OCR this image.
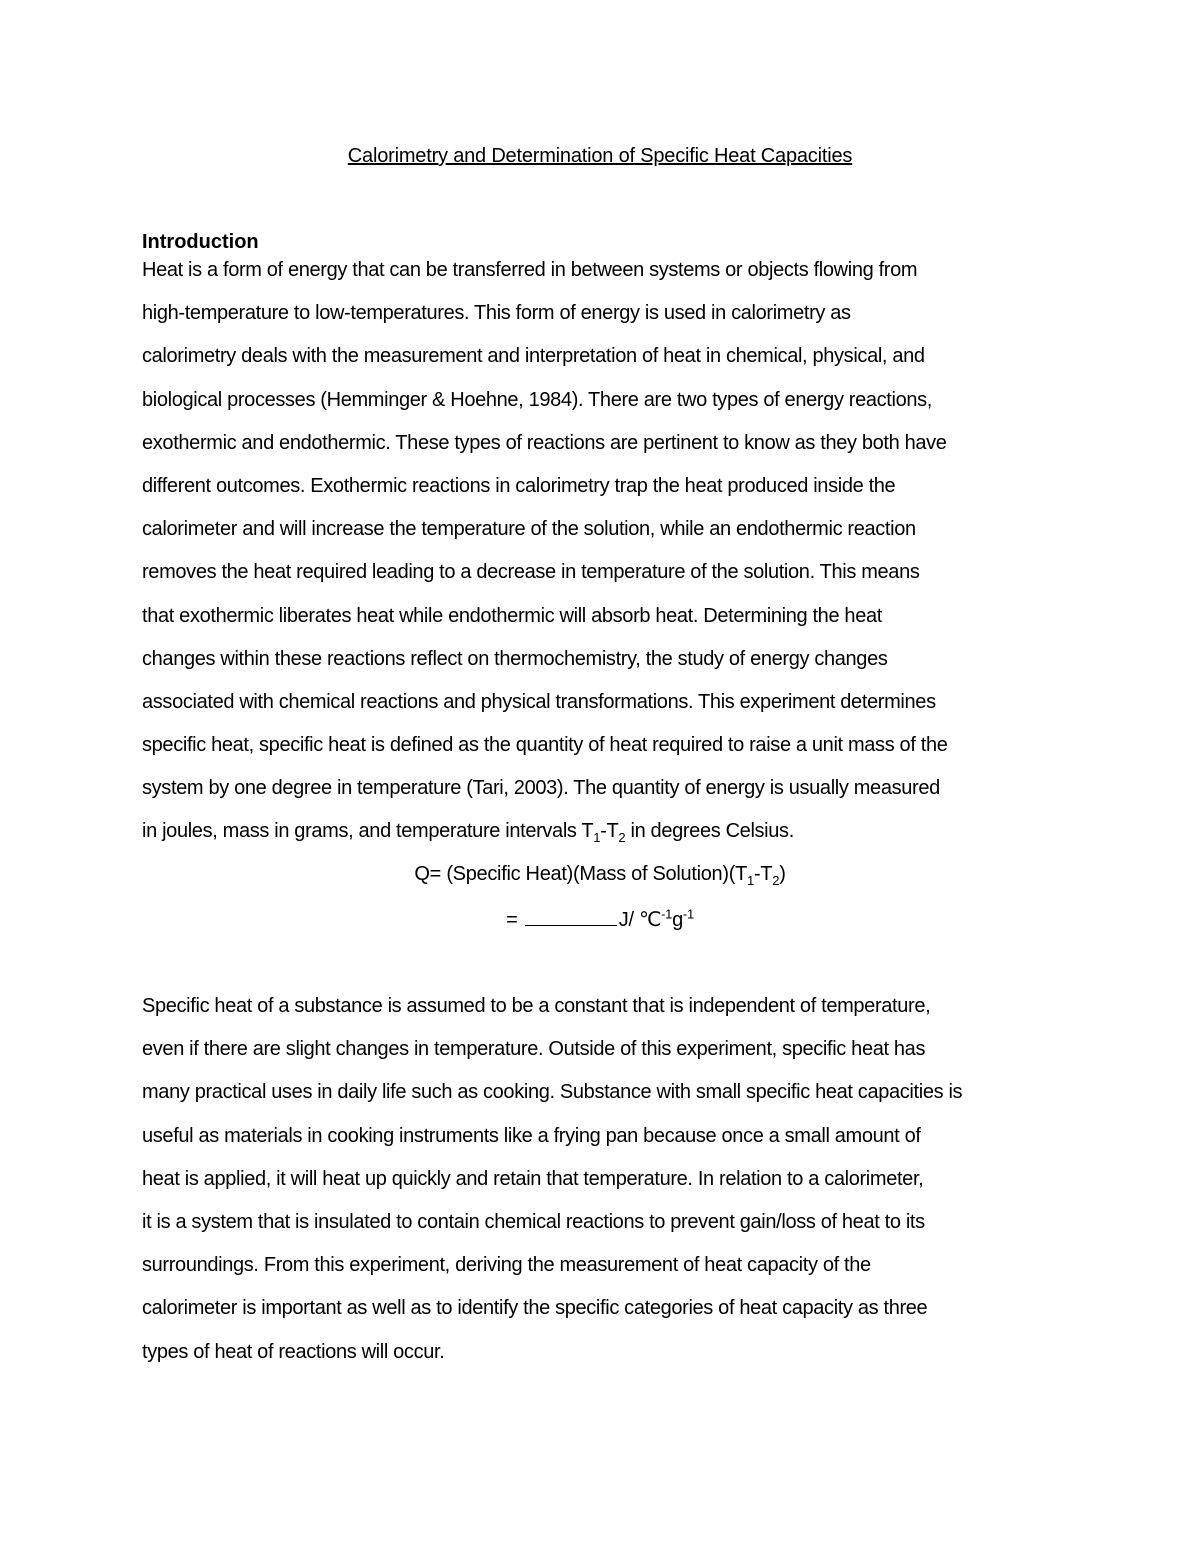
Calorimetry and Determination of Specific Heat Capacities
Introduction
Heat is a form of energy that can be transferred in between systems or objects flowing from
high-temperature to low-temperatures. This form of energy is used in calorimetry as
calorimetry deals with the measurement and interpretation of heat in chemical, physical, and
biological processes (Hemminger & Hoehne, 1984). There are two types of energy reactions,
exothermic and endothermic. These types of reactions are pertinent to know as they both have
different outcomes. Exothermic reactions in calorimetry trap the heat produced inside the
calorimeter and will increase the temperature of the solution, while an endothermic reaction
removes the heat required leading to a decrease in temperature of the solution. This means
that exothermic liberates heat while endothermic will absorb heat. Determining the heat
changes within these reactions reflect on thermochemistry, the study of energy changes
associated with chemical reactions and physical transformations. This experiment determines
specific heat, specific heat is defined as the quantity of heat required to raise a unit mass of the
system by one degree in temperature (Tari, 2003). The quantity of energy is usually measured
in joules, mass in grams, and temperature intervals $T_1-T_2$ in degrees Celsius.
Q= (Specific Heat)(Mass of $Solution)(T_1-T_2)$
=	J/ $℃^{-1}g^{-1}$
Specific heat of a substance is assumed to be a constant that is independent of temperature,
even if there are slight changes in temperature. Outside of this experiment, specific heat has
many practical uses in daily life such as cooking. Substance with small specific heat capacities is
useful as materials in cooking instruments like a frying pan because once a small amount of
heat is applied, it will heat up quickly and retain that temperature. In relation to a calorimeter,
it is a system that is insulated to contain chemical reactions to prevent gain/loss of heat to its
surroundings. From this experiment, deriving the measurement of heat capacity of the
calorimeter is important as well as to identify the specific categories of heat capacity as three
types of heat of reactions will occur.
